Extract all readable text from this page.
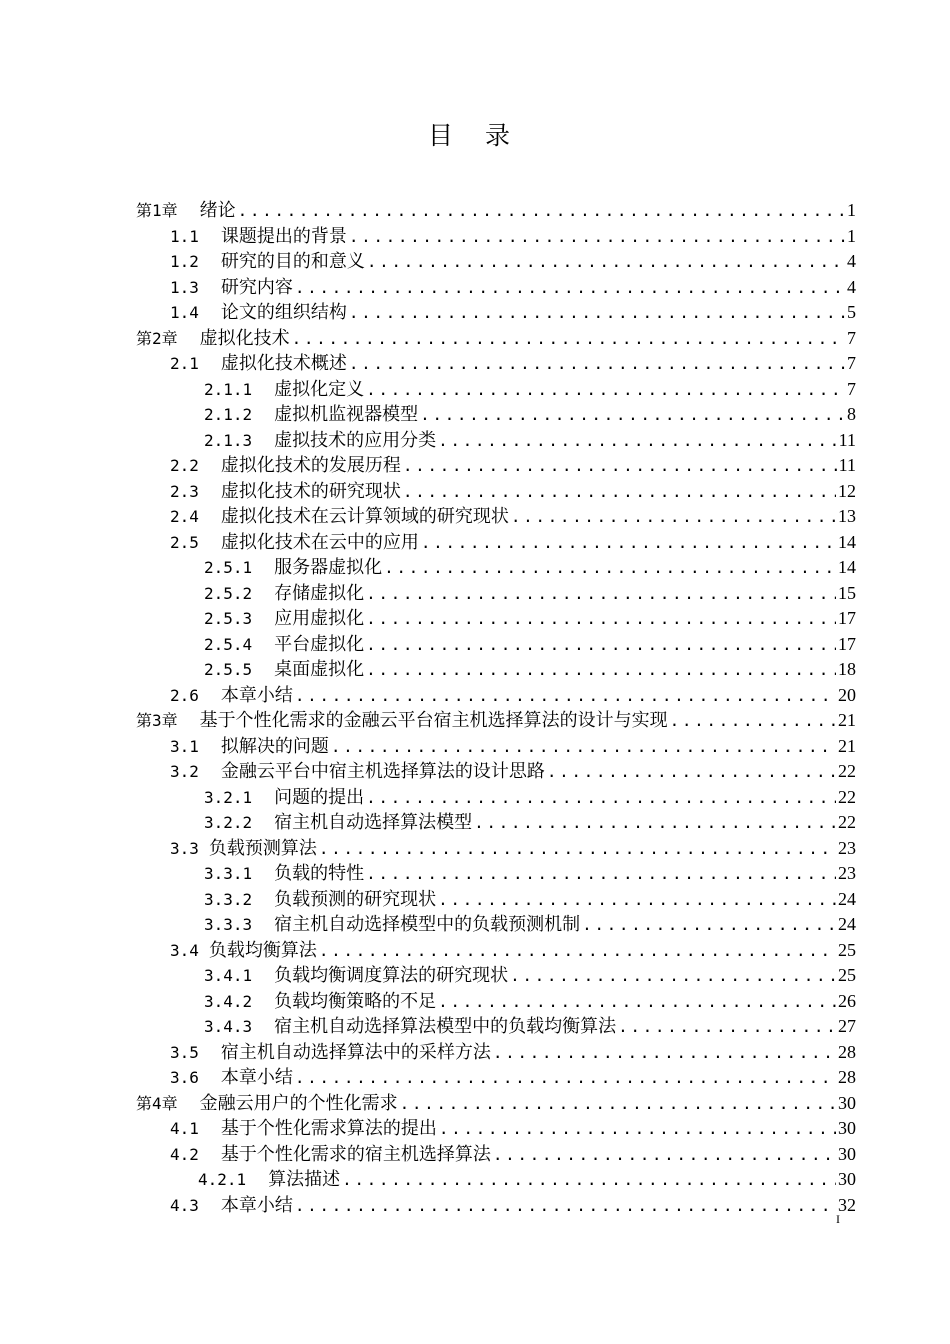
目 录
第1章 绪论 .....	1
1.1 课题提出的背景 .....	1
1.2 研究的目的和意义 .....	4
1.3 研究内容 .....	4
1.4 论文的组织结构 .....	5
第2章 虚拟化技术 .....	7
2.1 虚拟化技术概述 .....	7
2.1.1 虚拟化定义 .....	7
2.1.2 虚拟机监视器模型 .....	8
2.1.3 虚拟技术的应用分类 .....	11
2.2 虚拟化技术的发展历程 .....	11
2.3 虚拟化技术的研究现状 .....	12
2.4 虚拟化技术在云计算领域的研究现状 .....	13
2.5 虚拟化技术在云中的应用 .....	14
2.5.1 服务器虚拟化 .....	14
2.5.2 存储虚拟化 .....	15
2.5.3 应用虚拟化 .....	17
2.5.4 平台虚拟化 .....	17
2.5.5 桌面虚拟化 .....	18
2.6 本章小结 .....	20
第3章 基于个性化需求的金融云平台宿主机选择算法的设计与实现 .....	21
3.1 拟解决的问题 .....	21
3.2 金融云平台中宿主机选择算法的设计思路 .....	22
3.2.1 问题的提出 .....	22
3.2.2 宿主机自动选择算法模型 .....	22
3.3 负载预测算法 .....	23
3.3.1 负载的特性 .....	23
3.3.2 负载预测的研究现状 .....	24
3.3.3 宿主机自动选择模型中的负载预测机制 .....	24
3.4 负载均衡算法 .....	25
3.4.1 负载均衡调度算法的研究现状 .....	25
3.4.2 负载均衡策略的不足 .....	26
3.4.3 宿主机自动选择算法模型中的负载均衡算法 .....	27
3.5 宿主机自动选择算法中的采样方法 .....	28
3.6 本章小结 .....	28
第4章 金融云用户的个性化需求 .....	30
4.1 基于个性化需求算法的提出 .....	30
4.2 基于个性化需求的宿主机选择算法 .....	30
4.2.1 算法描述 .....	30
4.3 本章小结 .....	32
I
